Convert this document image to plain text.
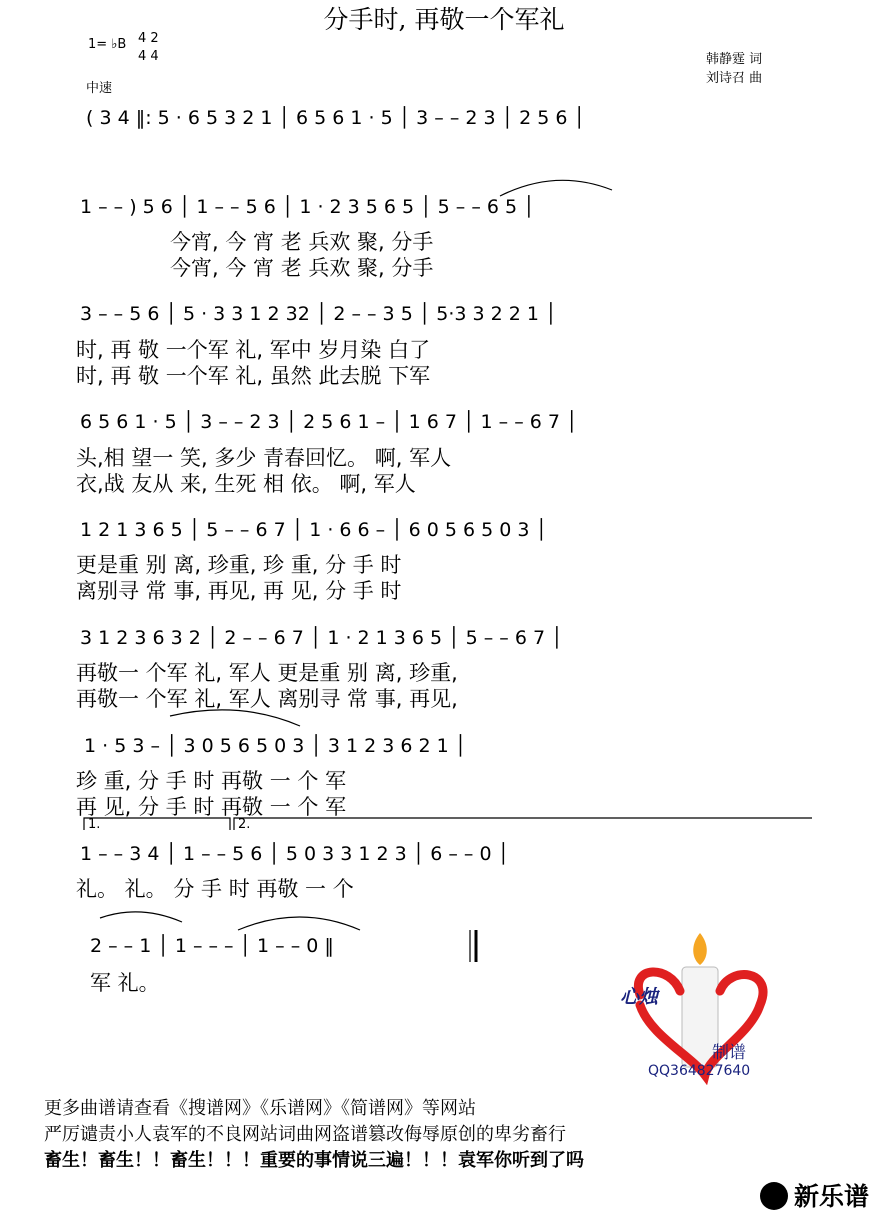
分手时, 再敬一个军礼
1= ♭B 4 2
4 4
中速
韩静霆 词
刘诗召 曲
( 3 4 ‖: 5 · 6 5 3 2 1 │ 6 5 6 1 · 5 │ 3 – – 2 3 │ 2 5 6 │
1 – – ) 5 6 │ 1 – – 5 6 │ 1 · 2 3 5 6 5 │ 5 – – 6 5 │
今宵, 今 宵 老 兵欢 聚, 分手
今宵, 今 宵 老 兵欢 聚, 分手
3 – – 5 6 │ 5 · 3 3 1 2 32 │ 2 – – 3 5 │ 5·3 3 2 2 1 │
时, 再 敬 一个军 礼, 军中 岁月染 白了
时, 再 敬 一个军 礼, 虽然 此去脱 下军
6 5 6 1 · 5 │ 3 – – 2 3 │ 2 5 6 1 – │ 1 6 7 │ 1 – – 6 7 │
头,相 望一 笑, 多少 青春回忆。 啊, 军人
衣,战 友从 来, 生死 相 依。 啊, 军人
1 2 1 3 6 5 │ 5 – – 6 7 │ 1 · 6 6 – │ 6 0 5 6 5 0 3 │
更是重 别 离, 珍重, 珍 重, 分 手 时
离别寻 常 事, 再见, 再 见, 分 手 时
3 1 2 3 6 3 2 │ 2 – – 6 7 │ 1 · 2 1 3 6 5 │ 5 – – 6 7 │
再敬一 个军 礼, 军人 更是重 别 离, 珍重,
再敬一 个军 礼, 军人 离别寻 常 事, 再见,
1 · 5 3 – │ 3 0 5 6 5 0 3 │ 3 1 2 3 6 2 1 │
珍 重, 分 手 时 再敬 一 个 军
再 见, 分 手 时 再敬 一 个 军
1.	2.
1 – – 3 4 │ 1 – – 5 6 │ 5 0 3 3 1 2 3 │ 6 – – 0 │
礼。 礼。 分 手 时 再敬 一 个
2 – – 1 │ 1 – – – │ 1 – – 0 ‖
军 礼。
心烛
制谱
QQ364827640
更多曲谱请查看《搜谱网》《乐谱网》《简谱网》等网站
严厉谴责小人袁军的不良网站词曲网盗谱篡改侮辱原创的卑劣畜行
畜生！畜生！！畜生！！！重要的事情说三遍！！！袁军你听到了吗
新乐谱
